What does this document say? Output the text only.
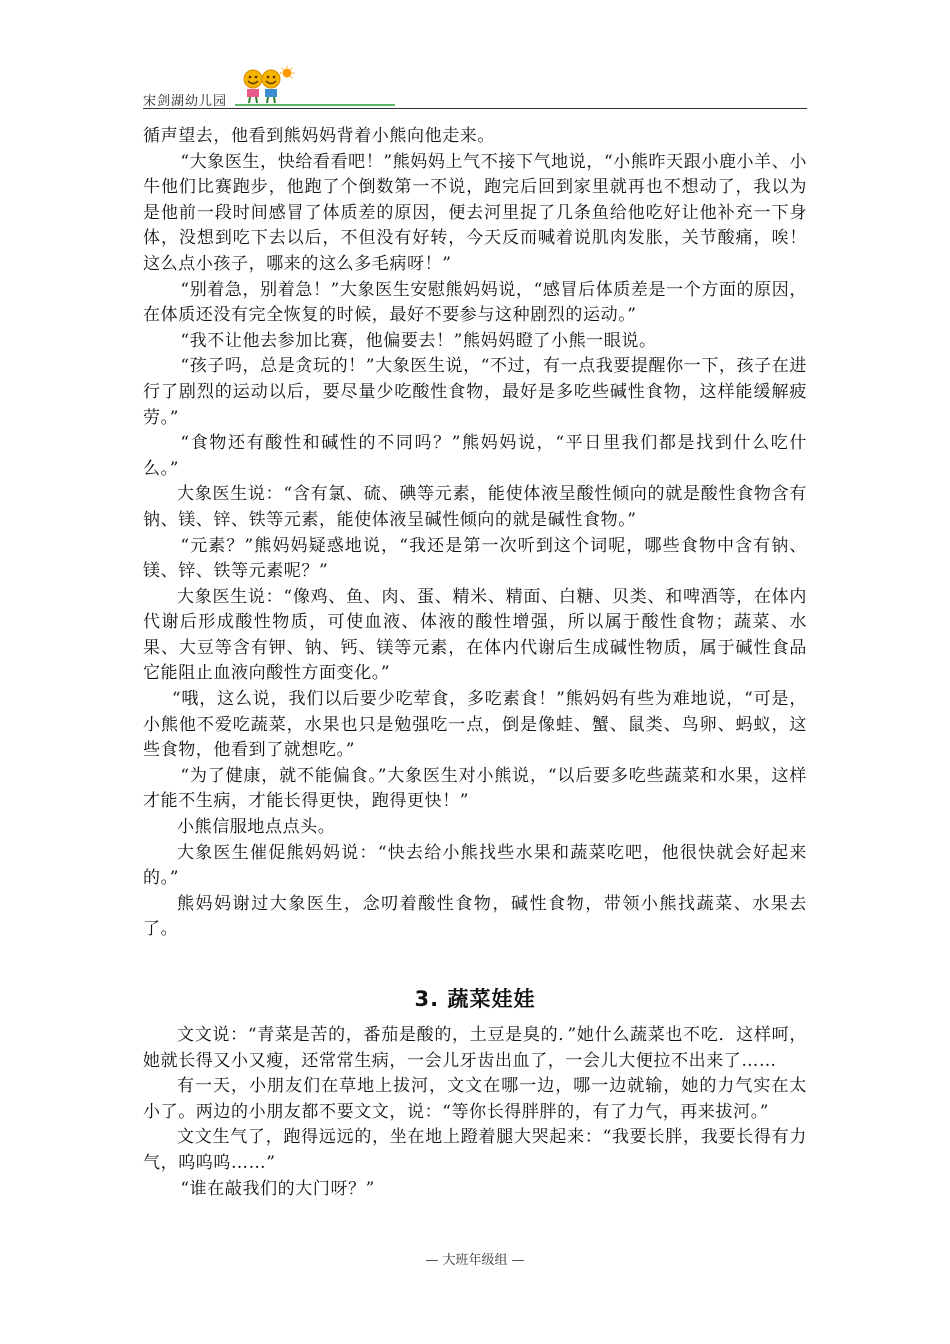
宋剑湖幼儿园

循声望去，他看到熊妈妈背着小熊向他走来。

“大象医生，快给看看吧！”熊妈妈上气不接下气地说，“小熊昨天跟小鹿小羊、小牛他们比赛跑步，他跑了个倒数第一不说，跑完后回到家里就再也不想动了，我以为是他前一段时间感冒了体质差的原因，便去河里捉了几条鱼给他吃好让他补充一下身体，没想到吃下去以后，不但没有好转，今天反而喊着说肌肉发胀，关节酸痛，唉！这么点小孩子，哪来的这么多毛病呀！”

“别着急，别着急！”大象医生安慰熊妈妈说，“感冒后体质差是一个方面的原因，在体质还没有完全恢复的时候，最好不要参与这种剧烈的运动。”

“我不让他去参加比赛，他偏要去！”熊妈妈瞪了小熊一眼说。

“孩子吗，总是贪玩的！”大象医生说，“不过，有一点我要提醒你一下，孩子在进行了剧烈的运动以后，要尽量少吃酸性食物，最好是多吃些碱性食物，这样能缓解疲劳。”

“食物还有酸性和碱性的不同吗？”熊妈妈说，“平日里我们都是找到什么吃什么。”

大象医生说：“含有氯、硫、碘等元素，能使体液呈酸性倾向的就是酸性食物含有钠、镁、锌、铁等元素，能使体液呈碱性倾向的就是碱性食物。”

“元素？”熊妈妈疑惑地说，“我还是第一次听到这个词呢，哪些食物中含有钠、镁、锌、铁等元素呢？”

大象医生说：“像鸡、鱼、肉、蛋、精米、精面、白糖、贝类、和啤酒等，在体内代谢后形成酸性物质，可使血液、体液的酸性增强，所以属于酸性食物；蔬菜、水果、大豆等含有钾、钠、钙、镁等元素，在体内代谢后生成碱性物质，属于碱性食品它能阻止血液向酸性方面变化。”

“哦，这么说，我们以后要少吃荤食，多吃素食！”熊妈妈有些为难地说，“可是，小熊他不爱吃蔬菜，水果也只是勉强吃一点，倒是像蛙、蟹、鼠类、鸟卵、蚂蚁，这些食物，他看到了就想吃。”

“为了健康，就不能偏食。”大象医生对小熊说，“以后要多吃些蔬菜和水果，这样才能不生病，才能长得更快，跑得更快！”

小熊信服地点点头。

大象医生催促熊妈妈说：“快去给小熊找些水果和蔬菜吃吧，他很快就会好起来的。”

熊妈妈谢过大象医生，念叨着酸性食物，碱性食物，带领小熊找蔬菜、水果去了。

3. 蔬菜娃娃

文文说：“青菜是苦的，番茄是酸的，土豆是臭的．”她什么蔬菜也不吃．这样呵，她就长得又小又瘦，还常常生病，一会儿牙齿出血了，一会儿大便拉不出来了……

有一天，小朋友们在草地上拔河，文文在哪一边，哪一边就输，她的力气实在太小了。两边的小朋友都不要文文，说：“等你长得胖胖的，有了力气，再来拔河。”

文文生气了，跑得远远的，坐在地上蹬着腿大哭起来：“我要长胖，我要长得有力气，呜呜呜……”

“谁在敲我们的大门呀？”

— 大班年级组 —
